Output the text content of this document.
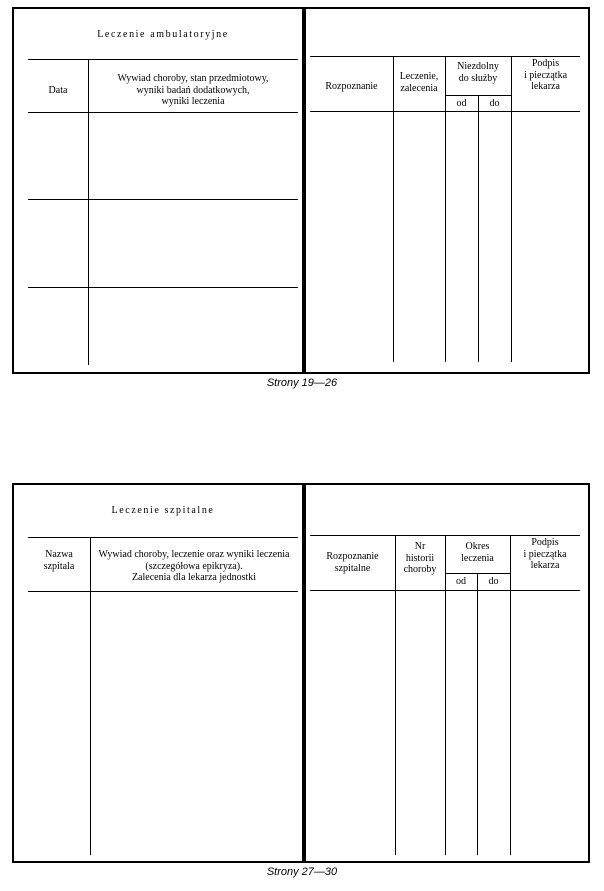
Leczenie ambulatoryjne
Data
Wywiad choroby, stan przedmiotowy,
wyniki badań dodatkowych,
wyniki leczenia
Rozpoznanie
Leczenie,
zalecenia
Niezdolny
do służby
od	do
Podpis
i pieczątka
lekarza
Strony 19—26
Leczenie szpitalne
Nazwa
szpitala
Wywiad choroby, leczenie oraz wyniki leczenia
(szczegółowa epikryza).
Zalecenia dla lekarza jednostki
Rozpoznanie
szpitalne
Nr
historii
choroby
Okres
leczenia
od	do
Podpis
i pieczątka
lekarza
Strony 27—30
